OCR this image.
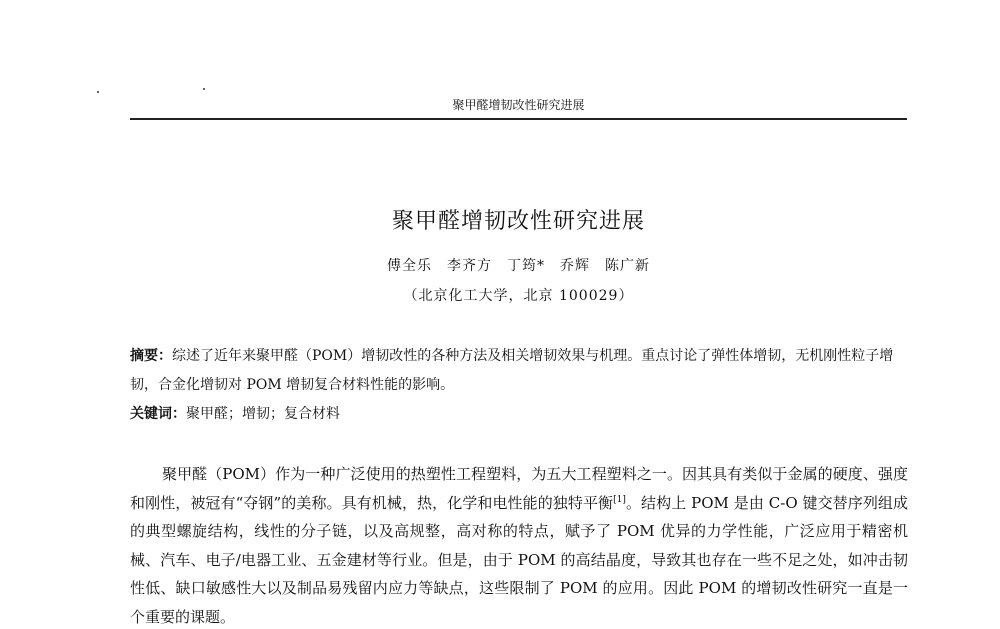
聚甲醛增韧改性研究进展
聚甲醛增韧改性研究进展
傅全乐　李齐方　丁筠*　乔辉　陈广新
（北京化工大学，北京 100029）
摘要：综述了近年来聚甲醛（POM）增韧改性的各种方法及相关增韧效果与机理。重点讨论了弹性体增韧，无机刚性粒子增韧，合金化增韧对 POM 增韧复合材料性能的影响。
关键词：聚甲醛；增韧；复合材料

聚甲醛（POM）作为一种广泛使用的热塑性工程塑料，为五大工程塑料之一。因其具有类似于金属的硬度、强度和刚性，被冠有“夺钢”的美称。具有机械，热，化学和电性能的独特平衡[1]。结构上 POM 是由 C-O 键交替序列组成的典型螺旋结构，线性的分子链，以及高规整，高对称的特点，赋予了 POM 优异的力学性能，广泛应用于精密机械、汽车、电子/电器工业、五金建材等行业。但是，由于 POM 的高结晶度，导致其也存在一些不足之处，如冲击韧性低、缺口敏感性大以及制品易残留内应力等缺点，这些限制了 POM 的应用。因此 POM 的增韧改性研究一直是一个重要的课题。
